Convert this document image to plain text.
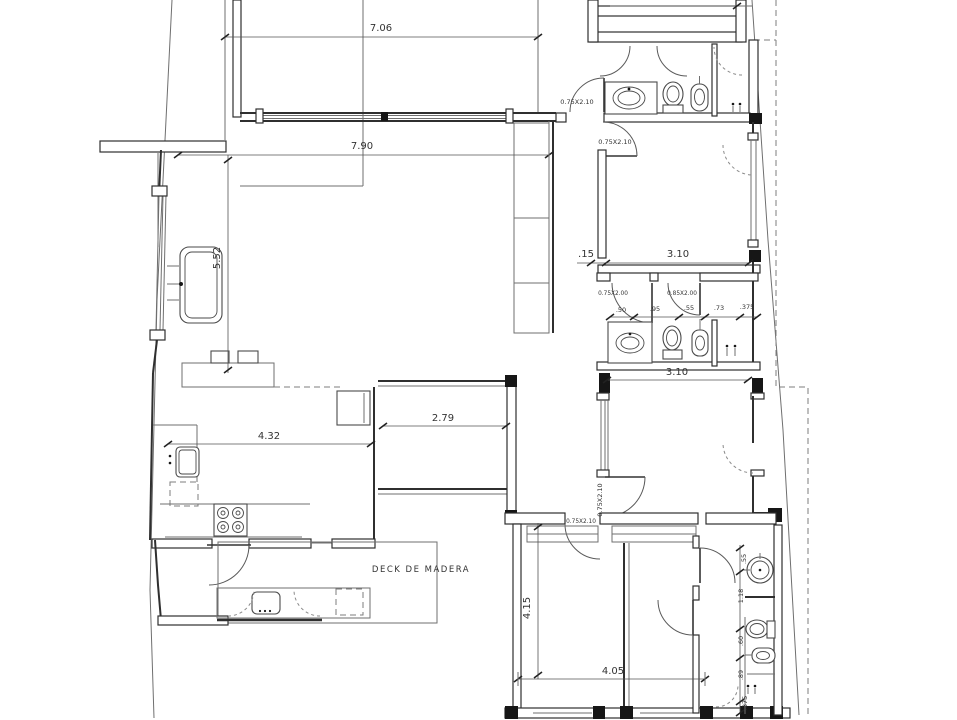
7.06
7.90
5.52
0.75X2.10
0.75X2.10
.15	3.10
0.75X2.00	0.85X2.00
.50	.95	.55	.73 .375
3.10
4.32
2.79
0.75X2.10
0.75X2.10
4.15
DECK DE MADERA
4.05
.55
1.18
.60
.89
.375
